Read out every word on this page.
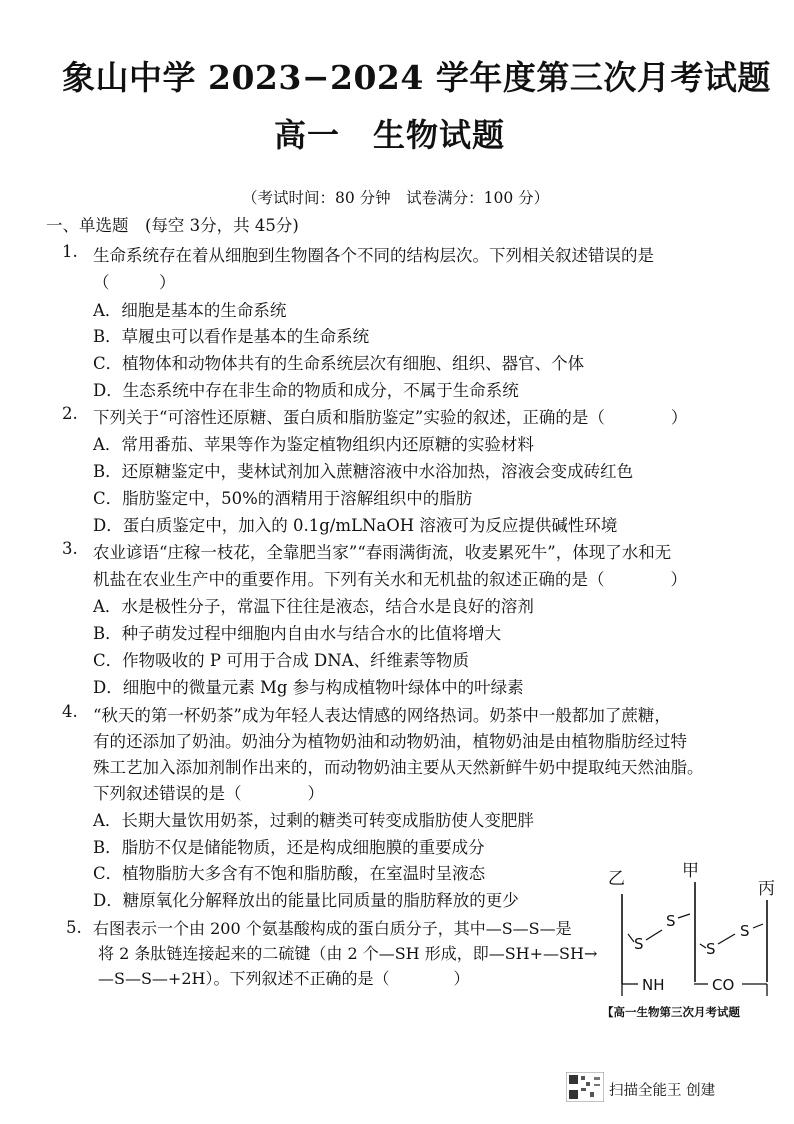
象山中学 2023−2024 学年度第三次月考试题
高一　生物试题
（考试时间：80 分钟　试卷满分：100 分）
一、单选题　(每空 3分，共 45分)
1. 生命系统存在着从细胞到生物圈各个不同的结构层次。下列相关叙述错误的是
（　　　）
A．细胞是基本的生命系统
B．草履虫可以看作是基本的生命系统
C．植物体和动物体共有的生命系统层次有细胞、组织、器官、个体
D．生态系统中存在非生命的物质和成分，不属于生命系统
2. 下列关于“可溶性还原糖、蛋白质和脂肪鉴定”实验的叙述，正确的是（　　　　）
A．常用番茄、苹果等作为鉴定植物组织内还原糖的实验材料
B．还原糖鉴定中，斐林试剂加入蔗糖溶液中水浴加热，溶液会变成砖红色
C．脂肪鉴定中，50%的酒精用于溶解组织中的脂肪
D．蛋白质鉴定中，加入的 0.1g/mLNaOH 溶液可为反应提供碱性环境
3. 农业谚语“庄稼一枝花，全靠肥当家”“春雨满街流，收麦累死牛”，体现了水和无
机盐在农业生产中的重要作用。下列有关水和无机盐的叙述正确的是（　　　　）
A．水是极性分子，常温下往往是液态，结合水是良好的溶剂
B．种子萌发过程中细胞内自由水与结合水的比值将增大
C．作物吸收的 P 可用于合成 DNA、纤维素等物质
D．细胞中的微量元素 Mg 参与构成植物叶绿体中的叶绿素
4. “秋天的第一杯奶茶”成为年轻人表达情感的网络热词。奶茶中一般都加了蔗糖，
有的还添加了奶油。奶油分为植物奶油和动物奶油，植物奶油是由植物脂肪经过特
殊工艺加入添加剂制作出来的，而动物奶油主要从天然新鲜牛奶中提取纯天然油脂。
下列叙述错误的是（　　　　）
A．长期大量饮用奶茶，过剩的糖类可转变成脂肪使人变肥胖
B．脂肪不仅是储能物质，还是构成细胞膜的重要成分
C．植物脂肪大多含有不饱和脂肪酸，在室温时呈液态
D．糖原氧化分解释放出的能量比同质量的脂肪释放的更少
5. 右图表示一个由 200 个氨基酸构成的蛋白质分子，其中—S—S—是
将 2 条肽链连接起来的二硫键（由 2 个—SH 形成，即—SH+—SH→
—S—S—+2H）。下列叙述不正确的是（　　　　）
乙	甲
丙
S
S
S
S
NH	CO
【高一生物第三次月考试题
扫描全能王 创建
